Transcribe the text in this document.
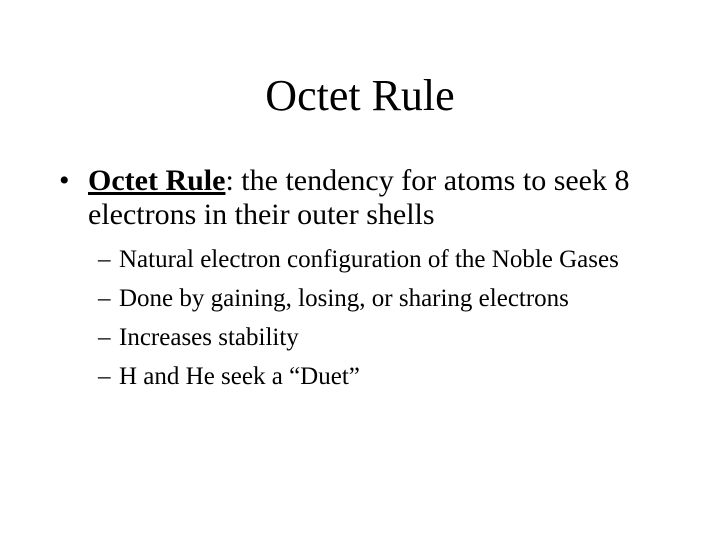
Octet Rule
• Octet Rule: the tendency for atoms to seek 8 electrons in their outer shells
– Natural electron configuration of the Noble Gases
– Done by gaining, losing, or sharing electrons
– Increases stability
– H and He seek a “Duet”
